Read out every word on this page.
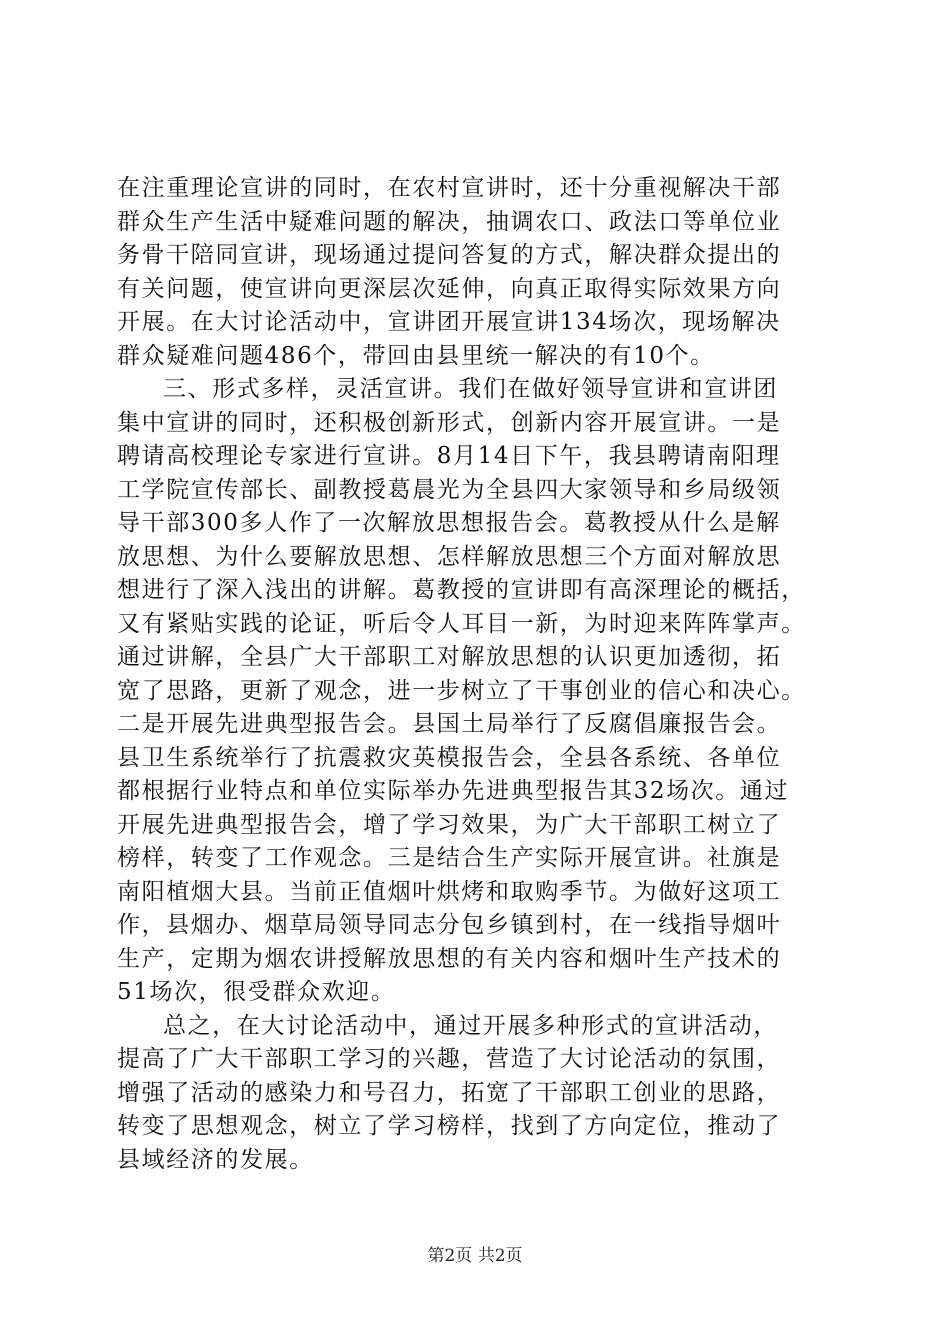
在注重理论宣讲的同时，在农村宣讲时，还十分重视解决干部
群众生产生活中疑难问题的解决，抽调农口、政法口等单位业
务骨干陪同宣讲，现场通过提问答复的方式，解决群众提出的
有关问题，使宣讲向更深层次延伸，向真正取得实际效果方向
开展。在大讨论活动中，宣讲团开展宣讲134场次，现场解决
群众疑难问题486个，带回由县里统一解决的有10个。
三、形式多样，灵活宣讲。我们在做好领导宣讲和宣讲团
集中宣讲的同时，还积极创新形式，创新内容开展宣讲。一是
聘请高校理论专家进行宣讲。8月14日下午，我县聘请南阳理
工学院宣传部长、副教授葛晨光为全县四大家领导和乡局级领
导干部300多人作了一次解放思想报告会。葛教授从什么是解
放思想、为什么要解放思想、怎样解放思想三个方面对解放思
想进行了深入浅出的讲解。葛教授的宣讲即有高深理论的概括，
又有紧贴实践的论证，听后令人耳目一新，为时迎来阵阵掌声。
通过讲解，全县广大干部职工对解放思想的认识更加透彻，拓
宽了思路，更新了观念，进一步树立了干事创业的信心和决心。
二是开展先进典型报告会。县国土局举行了反腐倡廉报告会。
县卫生系统举行了抗震救灾英模报告会，全县各系统、各单位
都根据行业特点和单位实际举办先进典型报告其32场次。通过
开展先进典型报告会，增了学习效果，为广大干部职工树立了
榜样，转变了工作观念。三是结合生产实际开展宣讲。社旗是
南阳植烟大县。当前正值烟叶烘烤和取购季节。为做好这项工
作，县烟办、烟草局领导同志分包乡镇到村，在一线指导烟叶
生产，定期为烟农讲授解放思想的有关内容和烟叶生产技术的
51场次，很受群众欢迎。
总之，在大讨论活动中，通过开展多种形式的宣讲活动，
提高了广大干部职工学习的兴趣，营造了大讨论活动的氛围，
增强了活动的感染力和号召力，拓宽了干部职工创业的思路，
转变了思想观念，树立了学习榜样，找到了方向定位，推动了
县域经济的发展。
第2页 共2页
